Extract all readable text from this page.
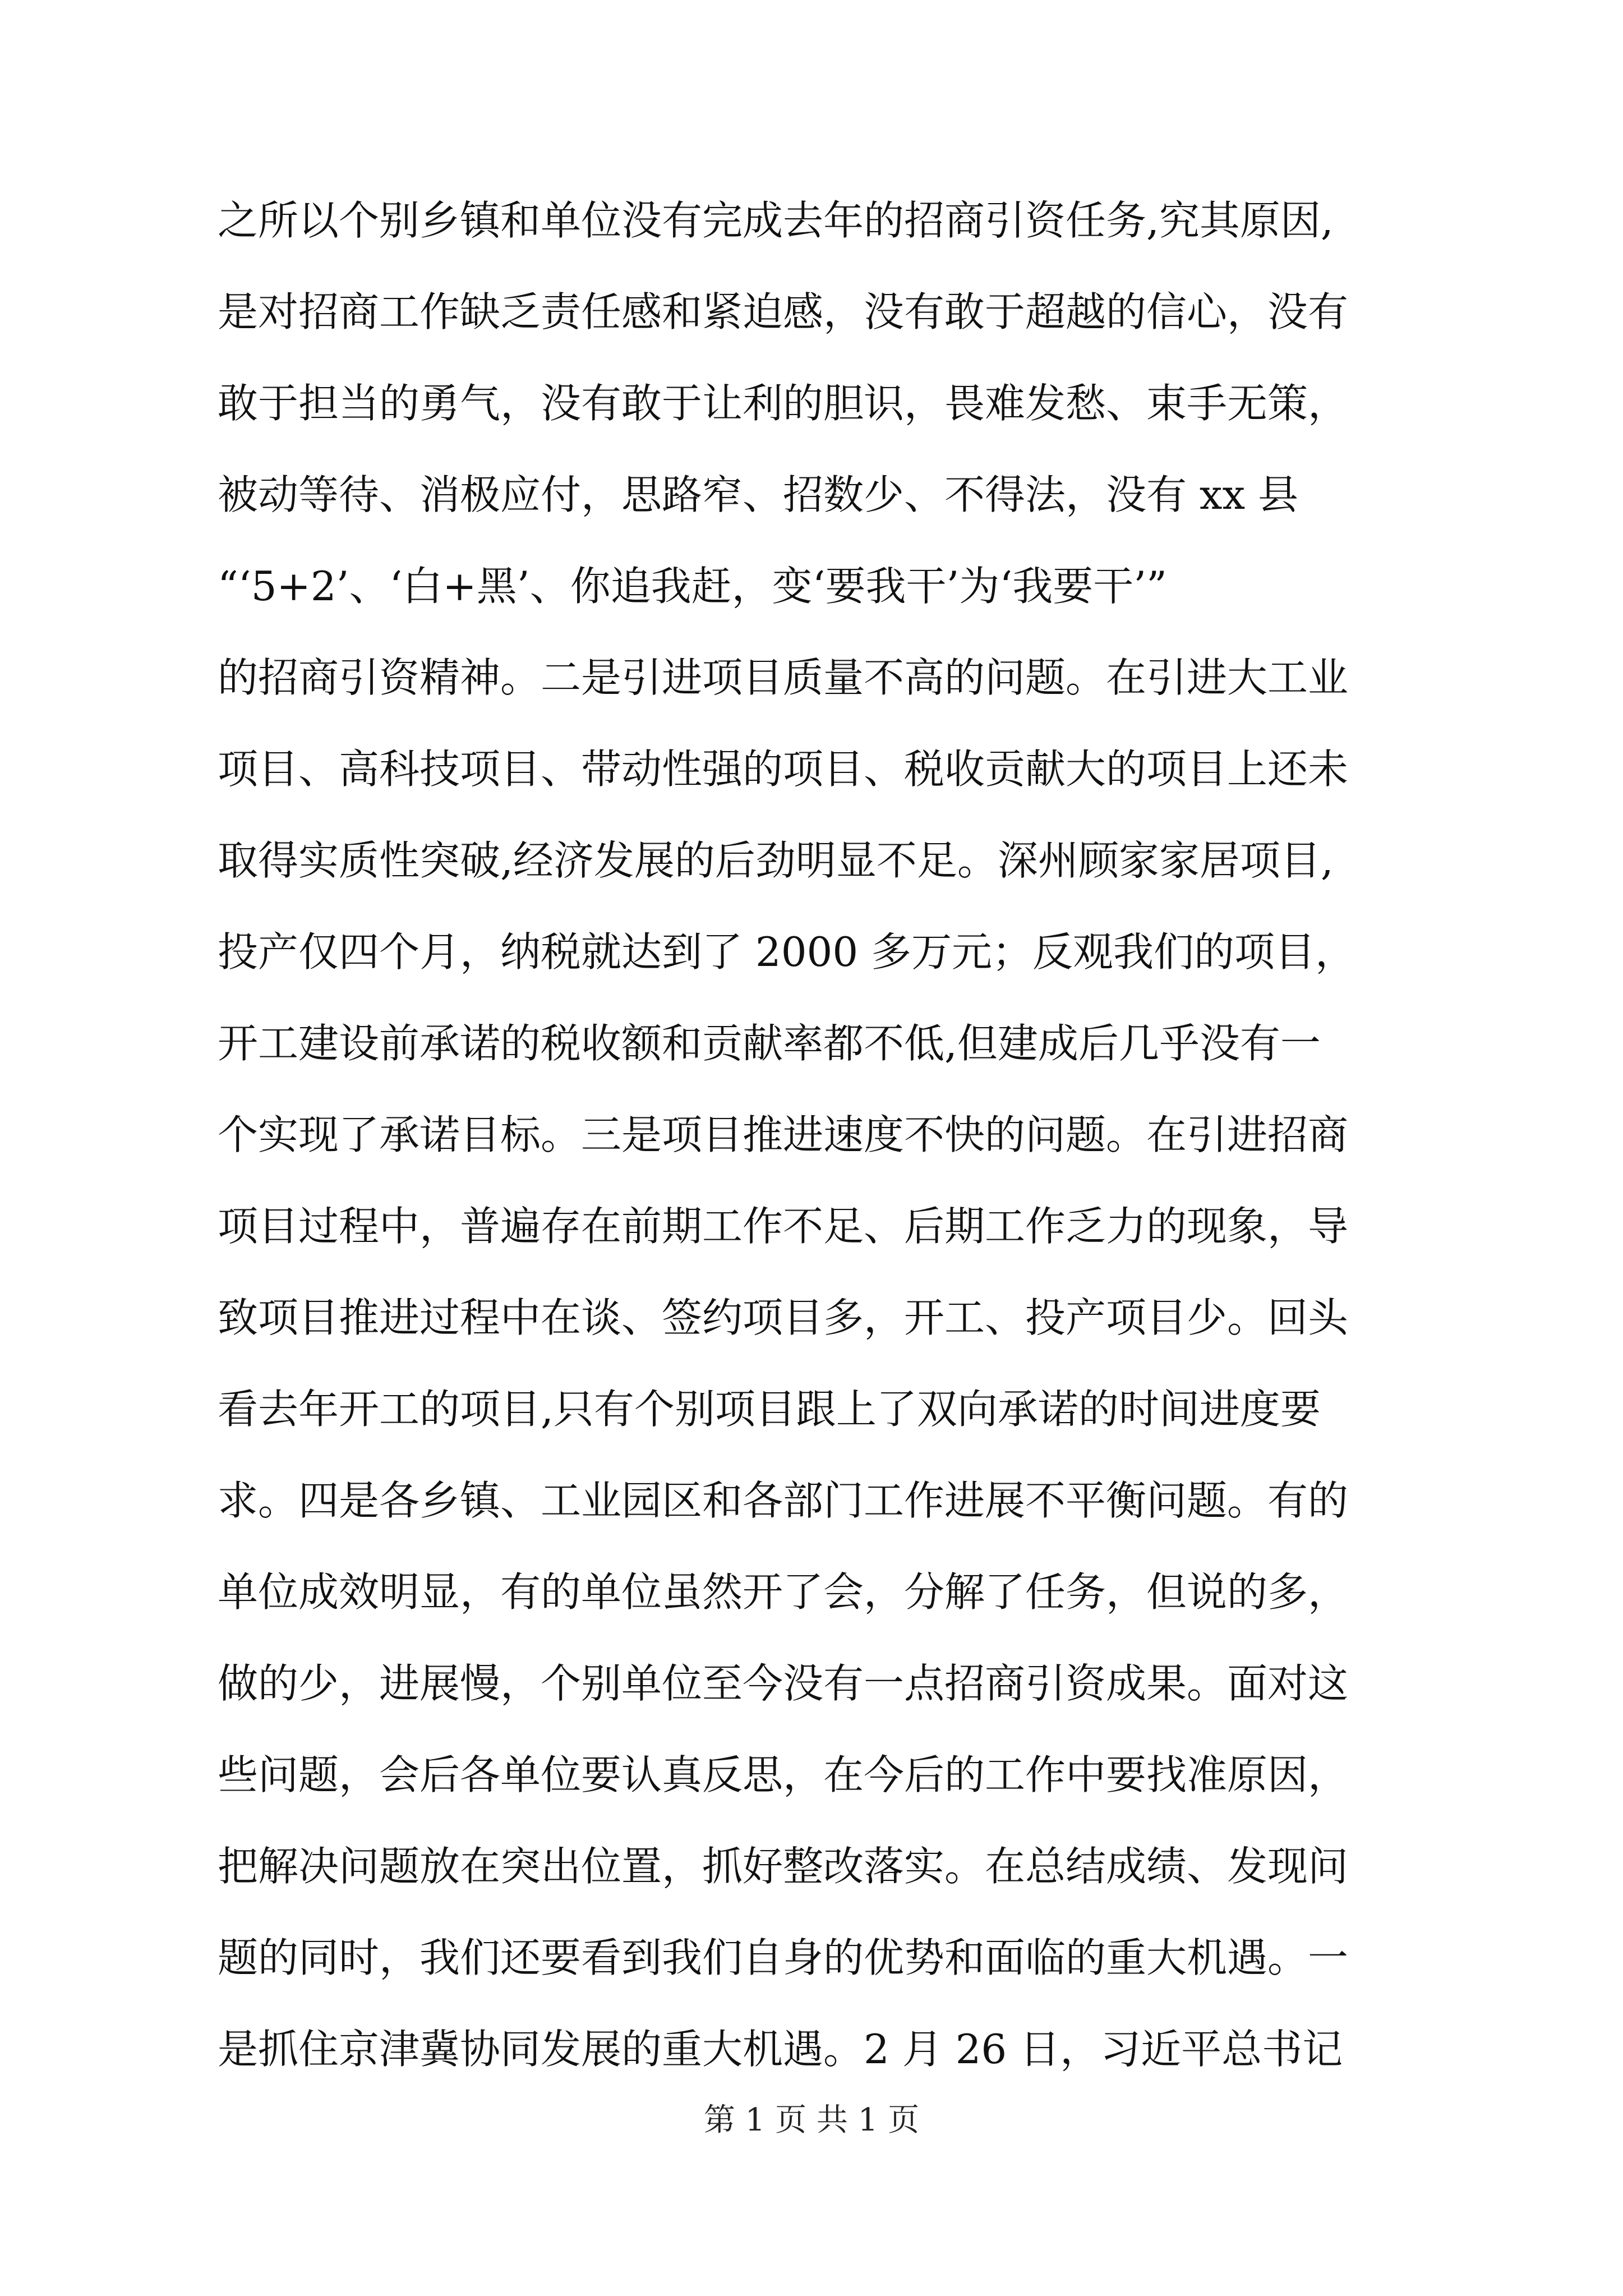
之所以个别乡镇和单位没有完成去年的招商引资任务,究其原因,
是对招商工作缺乏责任感和紧迫感，没有敢于超越的信心，没有
敢于担当的勇气，没有敢于让利的胆识，畏难发愁、束手无策，
被动等待、消极应付，思路窄、招数少、不得法，没有 xx 县
“‘5+2’、‘白+黑’、你追我赶，变‘要我干’为‘我要干’”
的招商引资精神。二是引进项目质量不高的问题。在引进大工业
项目、高科技项目、带动性强的项目、税收贡献大的项目上还未
取得实质性突破,经济发展的后劲明显不足。深州顾家家居项目,
投产仅四个月，纳税就达到了 2000 多万元；反观我们的项目，
开工建设前承诺的税收额和贡献率都不低,但建成后几乎没有一
个实现了承诺目标。三是项目推进速度不快的问题。在引进招商
项目过程中，普遍存在前期工作不足、后期工作乏力的现象，导
致项目推进过程中在谈、签约项目多，开工、投产项目少。回头
看去年开工的项目,只有个别项目跟上了双向承诺的时间进度要
求。四是各乡镇、工业园区和各部门工作进展不平衡问题。有的
单位成效明显，有的单位虽然开了会，分解了任务，但说的多，
做的少，进展慢，个别单位至今没有一点招商引资成果。面对这
些问题，会后各单位要认真反思，在今后的工作中要找准原因，
把解决问题放在突出位置，抓好整改落实。在总结成绩、发现问
题的同时，我们还要看到我们自身的优势和面临的重大机遇。一
是抓住京津冀协同发展的重大机遇。2 月 26 日，习近平总书记
第 1 页 共 1 页
